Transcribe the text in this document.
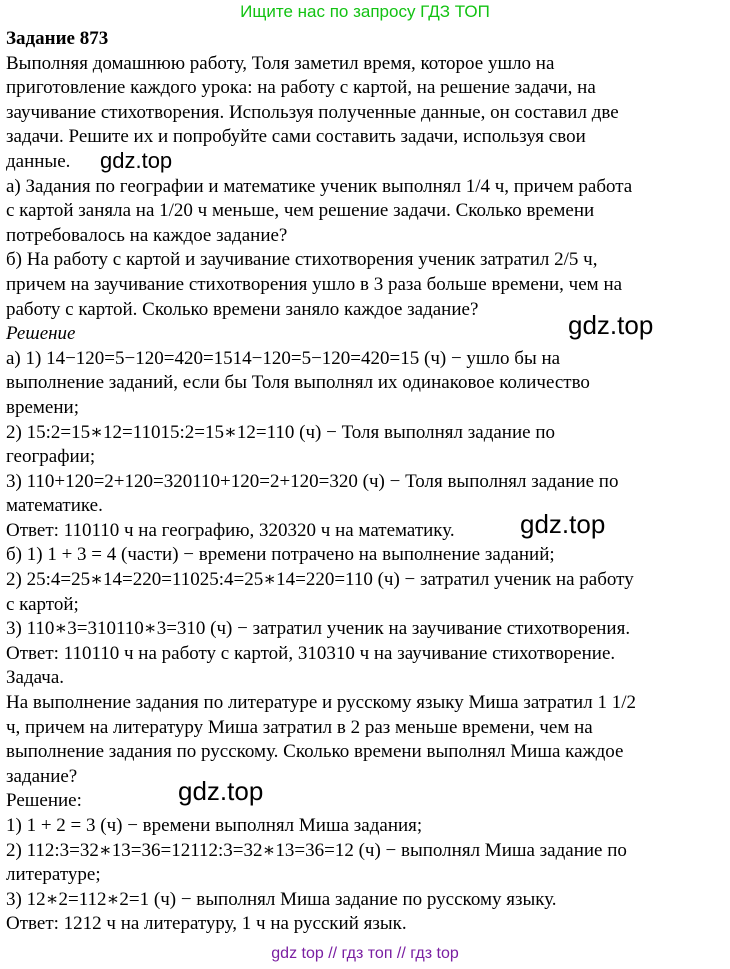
Ищите нас по запросу ГДЗ ТОП
Задание 873
Выполняя домашнюю работу, Толя заметил время, которое ушло на
приготовление каждого урока: на работу с картой, на решение задачи, на
заучивание стихотворения. Используя полученные данные, он составил две
задачи. Решите их и попробуйте сами составить задачи, используя свои
данные.
а) Задания по географии и математике ученик выполнял 1/4 ч, причем работа
с картой заняла на 1/20 ч меньше, чем решение задачи. Сколько времени
потребовалось на каждое задание?
б) На работу с картой и заучивание стихотворения ученик затратил 2/5 ч,
причем на заучивание стихотворения ушло в 3 раза больше времени, чем на
работу с картой. Сколько времени заняло каждое задание?
Решение
а) 1) 14−120=5−120=420=1514−120=5−120=420=15 (ч) − ушло бы на
выполнение заданий, если бы Толя выполнял их одинаковое количество
времени;
2) 15:2=15∗12=11015:2=15∗12=110 (ч) − Толя выполнял задание по
географии;
3) 110+120=2+120=320110+120=2+120=320 (ч) − Толя выполнял задание по
математике.
Ответ: 110110 ч на географию, 320320 ч на математику.
б) 1) 1 + 3 = 4 (части) − времени потрачено на выполнение заданий;
2) 25:4=25∗14=220=11025:4=25∗14=220=110 (ч) − затратил ученик на работу
с картой;
3) 110∗3=310110∗3=310 (ч) − затратил ученик на заучивание стихотворения.
Ответ: 110110 ч на работу с картой, 310310 ч на заучивание стихотворение.
Задача.
На выполнение задания по литературе и русскому языку Миша затратил 1 1/2
ч, причем на литературу Миша затратил в 2 раз меньше времени, чем на
выполнение задания по русскому. Сколько времени выполнял Миша каждое
задание?
Решение:
1) 1 + 2 = 3 (ч) − времени выполнял Миша задания;
2) 112:3=32∗13=36=12112:3=32∗13=36=12 (ч) − выполнял Миша задание по
литературе;
3) 12∗2=112∗2=1 (ч) − выполнял Миша задание по русскому языку.
Ответ: 1212 ч на литературу, 1 ч на русский язык.
gdz.top
gdz.top
gdz.top
gdz.top
gdz top // гдз топ // гдз top
